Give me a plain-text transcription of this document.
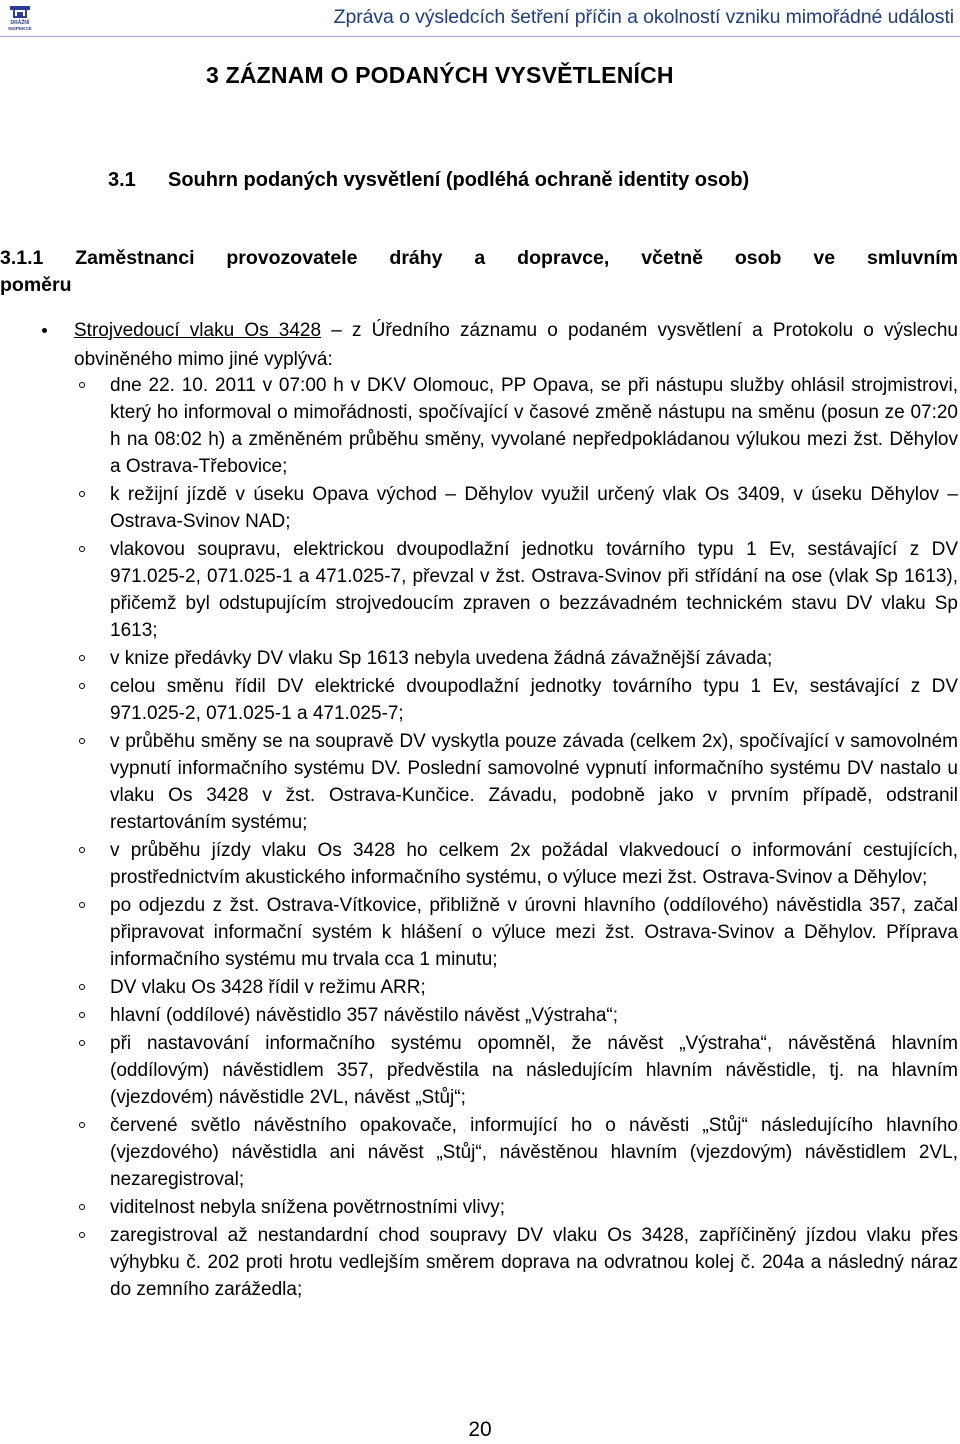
DRÁŽNÍ
INSPEKCE
Zpráva o výsledcích šetření příčin a okolností vzniku mimořádné události
3 ZÁZNAM O PODANÝCH VYSVĚTLENÍCH
3.1 Souhrn podaných vysvětlení (podléhá ochraně identity osob)
3.1.1 Zaměstnanci provozovatele dráhy a dopravce, včetně osob ve smluvním
poměru
Strojvedoucí vlaku Os 3428 – z Úředního záznamu o podaném vysvětlení a Protokolu o výslechu obviněného mimo jiné vyplývá:
dne 22. 10. 2011 v 07:00 h v DKV Olomouc, PP Opava, se při nástupu služby ohlásil strojmistrovi, který ho informoval o mimořádnosti, spočívající v časové změně nástupu na směnu (posun ze 07:20 h na 08:02 h) a změněném průběhu směny, vyvolané nepředpokládanou výlukou mezi žst. Děhylov a Ostrava-Třebovice;
k režijní jízdě v úseku Opava východ – Děhylov využil určený vlak Os 3409, v úseku Děhylov – Ostrava-Svinov NAD;
vlakovou soupravu, elektrickou dvoupodlažní jednotku továrního typu 1 Ev, sestávající z DV 971.025-2, 071.025-1 a 471.025-7, převzal v žst. Ostrava-Svinov při střídání na ose (vlak Sp 1613), přičemž byl odstupujícím strojvedoucím zpraven o bezzávadném technickém stavu DV vlaku Sp 1613;
v knize předávky DV vlaku Sp 1613 nebyla uvedena žádná závažnější závada;
celou směnu řídil DV elektrické dvoupodlažní jednotky továrního typu 1 Ev, sestávající z DV 971.025-2, 071.025-1 a 471.025-7;
v průběhu směny se na soupravě DV vyskytla pouze závada (celkem 2x), spočívající v samovolném vypnutí informačního systému DV. Poslední samovolné vypnutí informačního systému DV nastalo u vlaku Os 3428 v žst. Ostrava-Kunčice. Závadu, podobně jako v prvním případě, odstranil restartováním systému;
v průběhu jízdy vlaku Os 3428 ho celkem 2x požádal vlakvedoucí o informování cestujících, prostřednictvím akustického informačního systému, o výluce mezi žst. Ostrava-Svinov a Děhylov;
po odjezdu z žst. Ostrava-Vítkovice, přibližně v úrovni hlavního (oddílového) návěstidla 357, začal připravovat informační systém k hlášení o výluce mezi žst. Ostrava-Svinov a Děhylov. Příprava informačního systému mu trvala cca 1 minutu;
DV vlaku Os 3428 řídil v režimu ARR;
hlavní (oddílové) návěstidlo 357 návěstilo návěst „Výstraha“;
při nastavování informačního systému opomněl, že návěst „Výstraha“, návěstěná hlavním (oddílovým) návěstidlem 357, předvěstila na následujícím hlavním návěstidle, tj. na hlavním (vjezdovém) návěstidle 2VL, návěst „Stůj“;
červené světlo návěstního opakovače, informující ho o návěsti „Stůj“ následujícího hlavního (vjezdového) návěstidla ani návěst „Stůj“, návěstěnou hlavním (vjezdovým) návěstidlem 2VL, nezaregistroval;
viditelnost nebyla snížena povětrnostními vlivy;
zaregistroval až nestandardní chod soupravy DV vlaku Os 3428, zapříčiněný jízdou vlaku přes výhybku č. 202 proti hrotu vedlejším směrem doprava na odvratnou kolej č. 204a a následný náraz do zemního zarážedla;
20
